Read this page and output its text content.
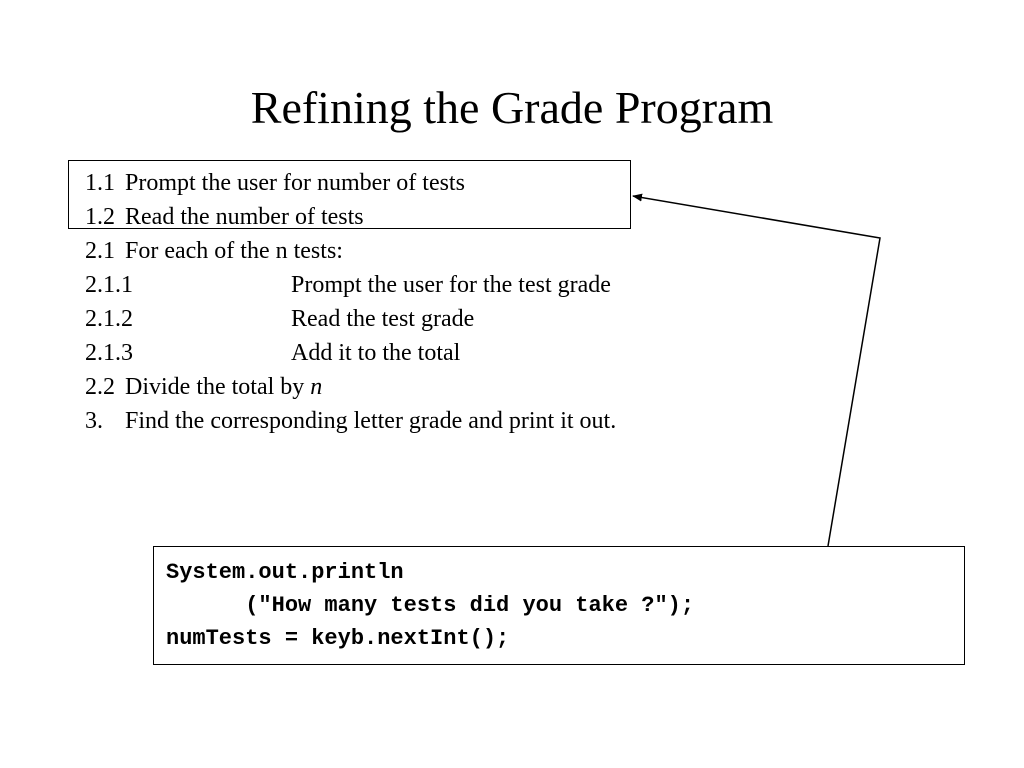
Refining the Grade Program
1.1 Prompt the user for number of tests
1.2 Read the number of tests
2.1 For each of the n tests:
2.1.1	Prompt the user for the test grade
2.1.2	Read the test grade
2.1.3	Add it to the total
2.2 Divide the total by n
3. Find the corresponding letter grade and print it out.
System.out.println
("How many tests did you take ?");
numTests = keyb.nextInt();
